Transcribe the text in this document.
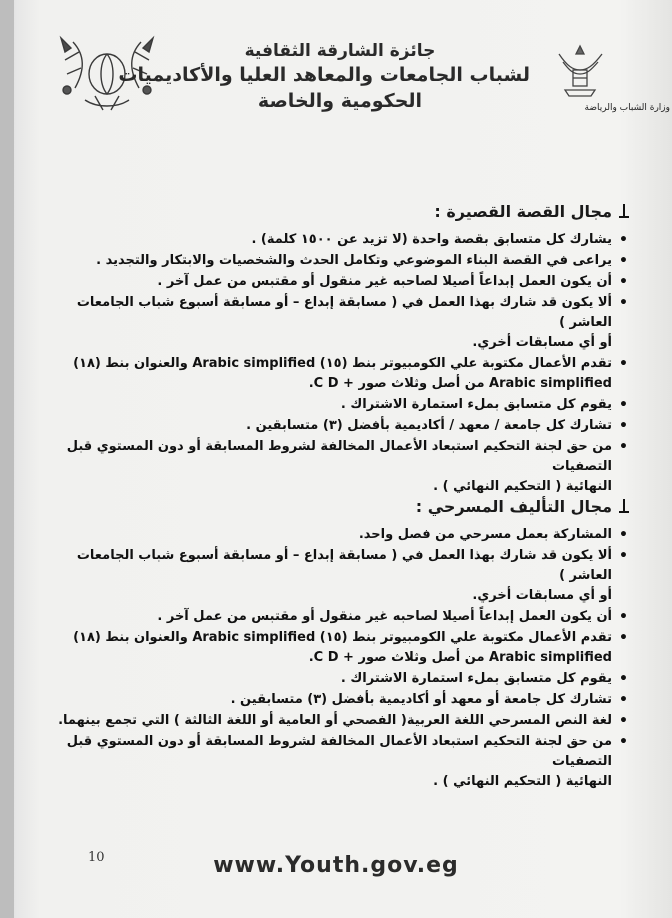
جائزة الشارقة الثقافية
لشباب الجامعات والمعاهد العليا والأكاديميات
الحكومية والخاصة	وزارة الشباب والرياضة
مجال القصة القصيرة :
• يشارك كل متسابق بقصة واحدة (لا تزيد عن ١٥٠٠ كلمة) .
• يراعى في القصة البناء الموضوعي وتكامل الحدث والشخصيات والابتكار والتجديد .
• أن يكون العمل إبداعاً أصيلا لصاحبه غير منقول أو مقتبس من عمل آخر .
• ألا يكون قد شارك بهذا العمل في ( مسابقة إبداع – أو مسابقة أسبوع شباب الجامعات العاشر )
أو أي مسابقات أخري.
• تقدم الأعمال مكتوبة علي الكومبيوتر بنط (١٥) Arabic simplified والعنوان بنط (١٨)
Arabic simplified من أصل وثلاث صور + C D.
• يقوم كل متسابق بملء استمارة الاشتراك .
• تشارك كل جامعة / معهد / أكاديمية بأفضل (٣) متسابقين .
• من حق لجنة التحكيم استبعاد الأعمال المخالفة لشروط المسابقة أو دون المستوي قبل التصفيات
النهائية ( التحكيم النهائي ) .
مجال التأليف المسرحي :
• المشاركة بعمل مسرحي من فصل واحد.
• ألا يكون قد شارك بهذا العمل في ( مسابقة إبداع – أو مسابقة أسبوع شباب الجامعات العاشر )
أو أي مسابقات أخري.
• أن يكون العمل إبداعاً أصيلا لصاحبه غير منقول أو مقتبس من عمل آخر .
• تقدم الأعمال مكتوبة علي الكومبيوتر بنط (١٥) Arabic simplified والعنوان بنط (١٨)
Arabic simplified من أصل وثلاث صور + C D.
• يقوم كل متسابق بملء استمارة الاشتراك .
• تشارك كل جامعة أو معهد أو أكاديمية بأفضل (٣) متسابقين .
• لغة النص المسرحي اللغة العربية( الفصحي أو العامية أو اللغة الثالثة ) التي تجمع بينهما.
• من حق لجنة التحكيم استبعاد الأعمال المخالفة لشروط المسابقة أو دون المستوي قبل التصفيات
النهائية ( التحكيم النهائي ) .
10	www.Youth.gov.eg
